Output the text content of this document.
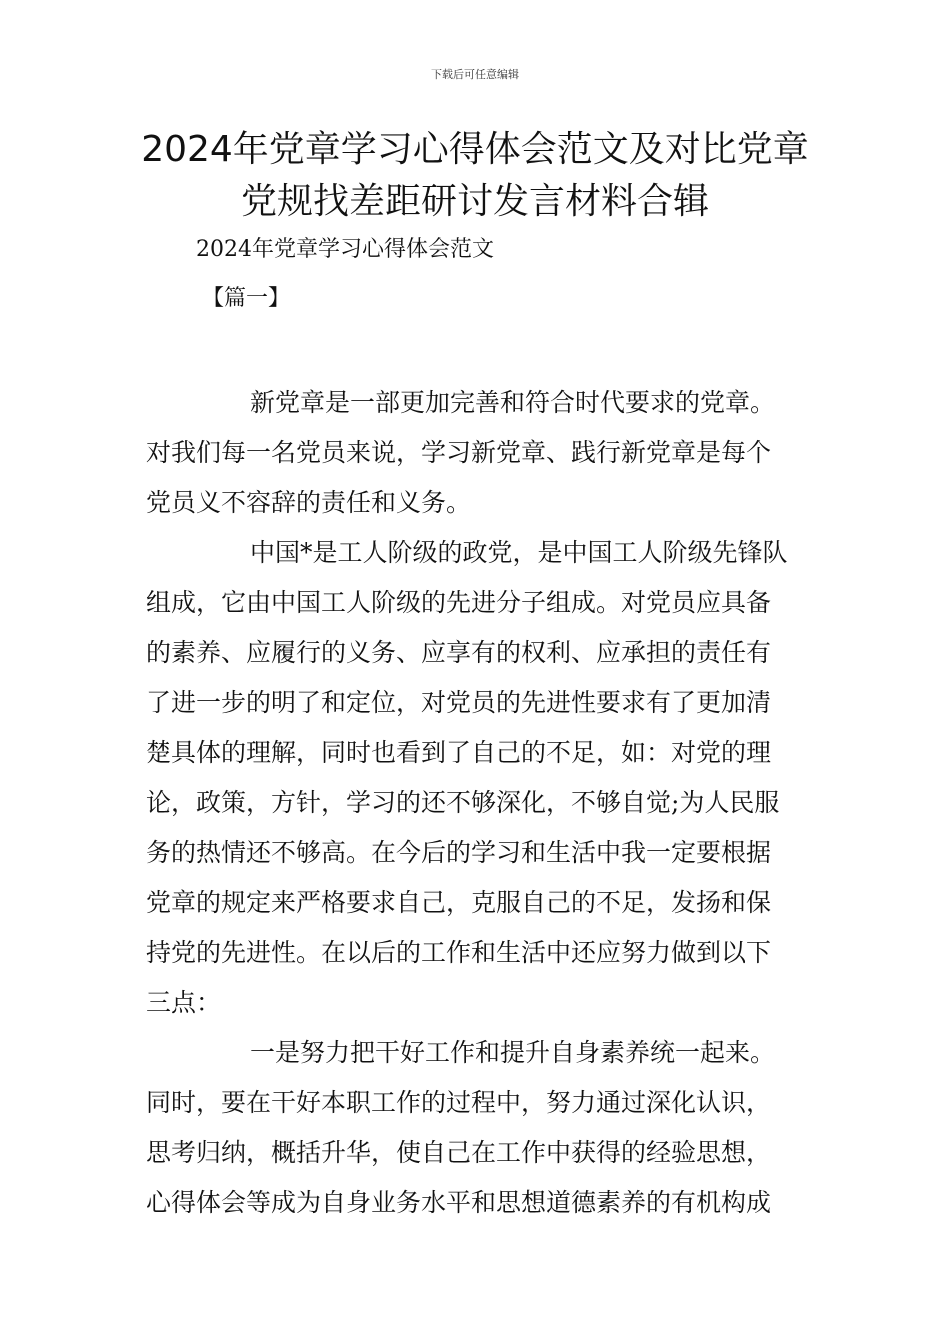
下载后可任意编辑
2024年党章学习心得体会范文及对比党章
党规找差距研讨发言材料合辑
2024年党章学习心得体会范文
【篇一】
新党章是一部更加完善和符合时代要求的党章。
对我们每一名党员来说，学习新党章、践行新党章是每个
党员义不容辞的责任和义务。
中国*是工人阶级的政党，是中国工人阶级先锋队
组成，它由中国工人阶级的先进分子组成。对党员应具备
的素养、应履行的义务、应享有的权利、应承担的责任有
了进一步的明了和定位，对党员的先进性要求有了更加清
楚具体的理解，同时也看到了自己的不足，如：对党的理
论，政策，方针，学习的还不够深化，不够自觉;为人民服
务的热情还不够高。在今后的学习和生活中我一定要根据
党章的规定来严格要求自己，克服自己的不足，发扬和保
持党的先进性。在以后的工作和生活中还应努力做到以下
三点：
一是努力把干好工作和提升自身素养统一起来。
同时，要在干好本职工作的过程中，努力通过深化认识，
思考归纳，概括升华，使自己在工作中获得的经验思想，
心得体会等成为自身业务水平和思想道德素养的有机构成
